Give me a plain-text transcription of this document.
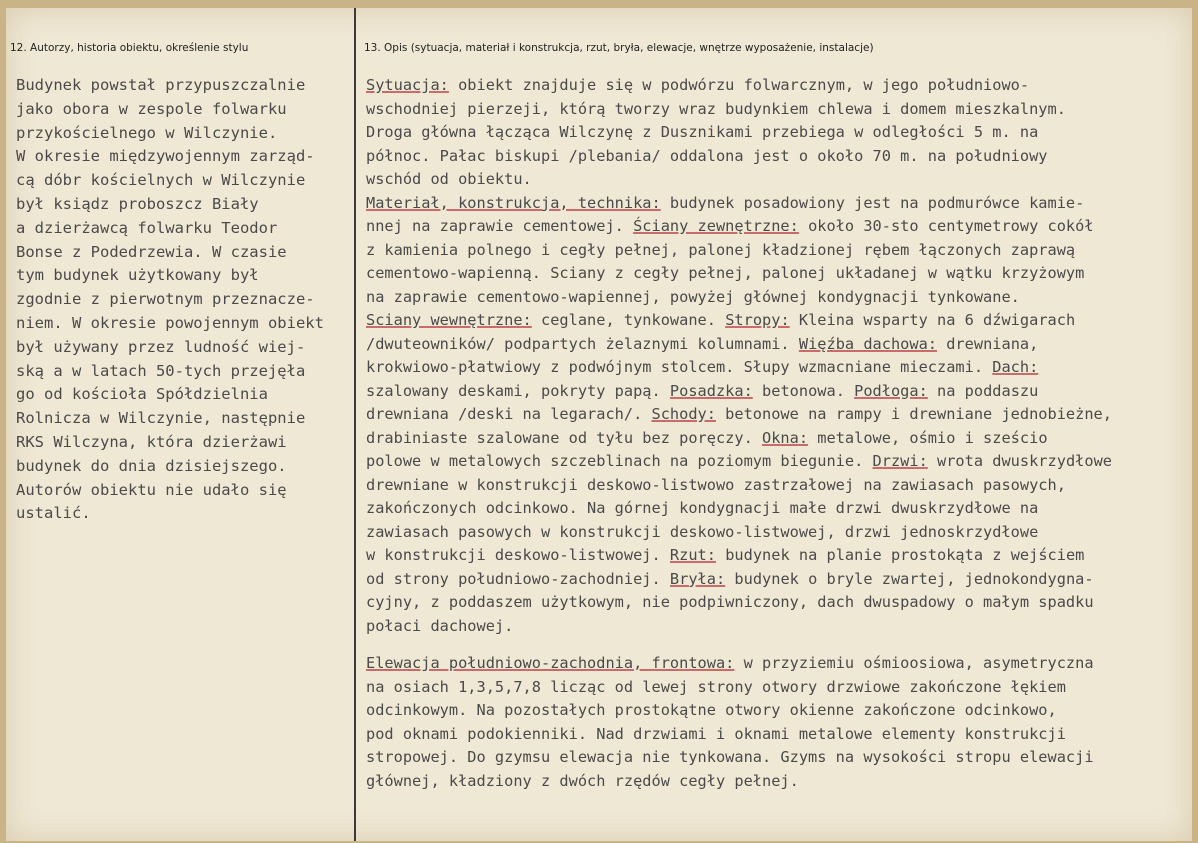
12. Autorzy, historia obiektu, określenie stylu	13. Opis (sytuacja, materiał i konstrukcja, rzut, bryła, elewacje, wnętrze wyposażenie, instalacje)
Budynek powstał przypuszczalnie
jako obora w zespole folwarku
przykościelnego w Wilczynie.
W okresie międzywojennym zarząd-
cą dóbr kościelnych w Wilczynie
był ksiądz proboszcz Biały
a dzierżawcą folwarku Teodor
Bonse z Podedrzewia. W czasie
tym budynek użytkowany był
zgodnie z pierwotnym przeznacze-
niem. W okresie powojennym obiekt
był używany przez ludność wiej-
ską a w latach 50-tych przejęła
go od kościoła Spółdzielnia
Rolnicza w Wilczynie, następnie
RKS Wilczyna, która dzierżawi
budynek do dnia dzisiejszego.
Autorów obiektu nie udało się
ustalić.
Sytuacja: obiekt znajduje się w podwórzu folwarcznym, w jego południowo-
wschodniej pierzeji, którą tworzy wraz budynkiem chlewa i domem mieszkalnym.
Droga główna łącząca Wilczynę z Dusznikami przebiega w odległości 5 m. na
północ. Pałac biskupi /plebania/ oddalona jest o około 70 m. na południowy
wschód od obiektu.
Materiał, konstrukcja, technika: budynek posadowiony jest na podmurówce kamie-
nnej na zaprawie cementowej. Ściany zewnętrzne: około 30-sto centymetrowy cokół
z kamienia polnego i cegły pełnej, palonej kładzionej rębem łączonych zaprawą
cementowo-wapienną. Sciany z cegły pełnej, palonej układanej w wątku krzyżowym
na zaprawie cementowo-wapiennej, powyżej głównej kondygnacji tynkowane.
Sciany wewnętrzne: ceglane, tynkowane. Stropy: Kleina wsparty na 6 dźwigarach
/dwuteowników/ podpartych żelaznymi kolumnami. Więźba dachowa: drewniana,
krokwiowo-płatwiowy z podwójnym stolcem. Słupy wzmacniane mieczami. Dach:
szalowany deskami, pokryty papą. Posadzka: betonowa. Podłoga: na poddaszu
drewniana /deski na legarach/. Schody: betonowe na rampy i drewniane jednobieżne,
drabiniaste szalowane od tyłu bez poręczy. Okna: metalowe, ośmio i sześcio
polowe w metalowych szczeblinach na poziomym biegunie. Drzwi: wrota dwuskrzydłowe
drewniane w konstrukcji deskowo-listwowo zastrzałowej na zawiasach pasowych,
zakończonych odcinkowo. Na górnej kondygnacji małe drzwi dwuskrzydłowe na
zawiasach pasowych w konstrukcji deskowo-listwowej, drzwi jednoskrzydłowe
w konstrukcji deskowo-listwowej. Rzut: budynek na planie prostokąta z wejściem
od strony południowo-zachodniej. Bryła: budynek o bryle zwartej, jednokondygna-
cyjny, z poddaszem użytkowym, nie podpiwniczony, dach dwuspadowy o małym spadku
połaci dachowej.
Elewacja południowo-zachodnia, frontowa: w przyziemiu ośmioosiowa, asymetryczna
na osiach 1,3,5,7,8 licząc od lewej strony otwory drzwiowe zakończone łękiem
odcinkowym. Na pozostałych prostokątne otwory okienne zakończone odcinkowo,
pod oknami podokienniki. Nad drzwiami i oknami metalowe elementy konstrukcji
stropowej. Do gzymsu elewacja nie tynkowana. Gzyms na wysokości stropu elewacji
głównej, kładziony z dwóch rzędów cegły pełnej.
